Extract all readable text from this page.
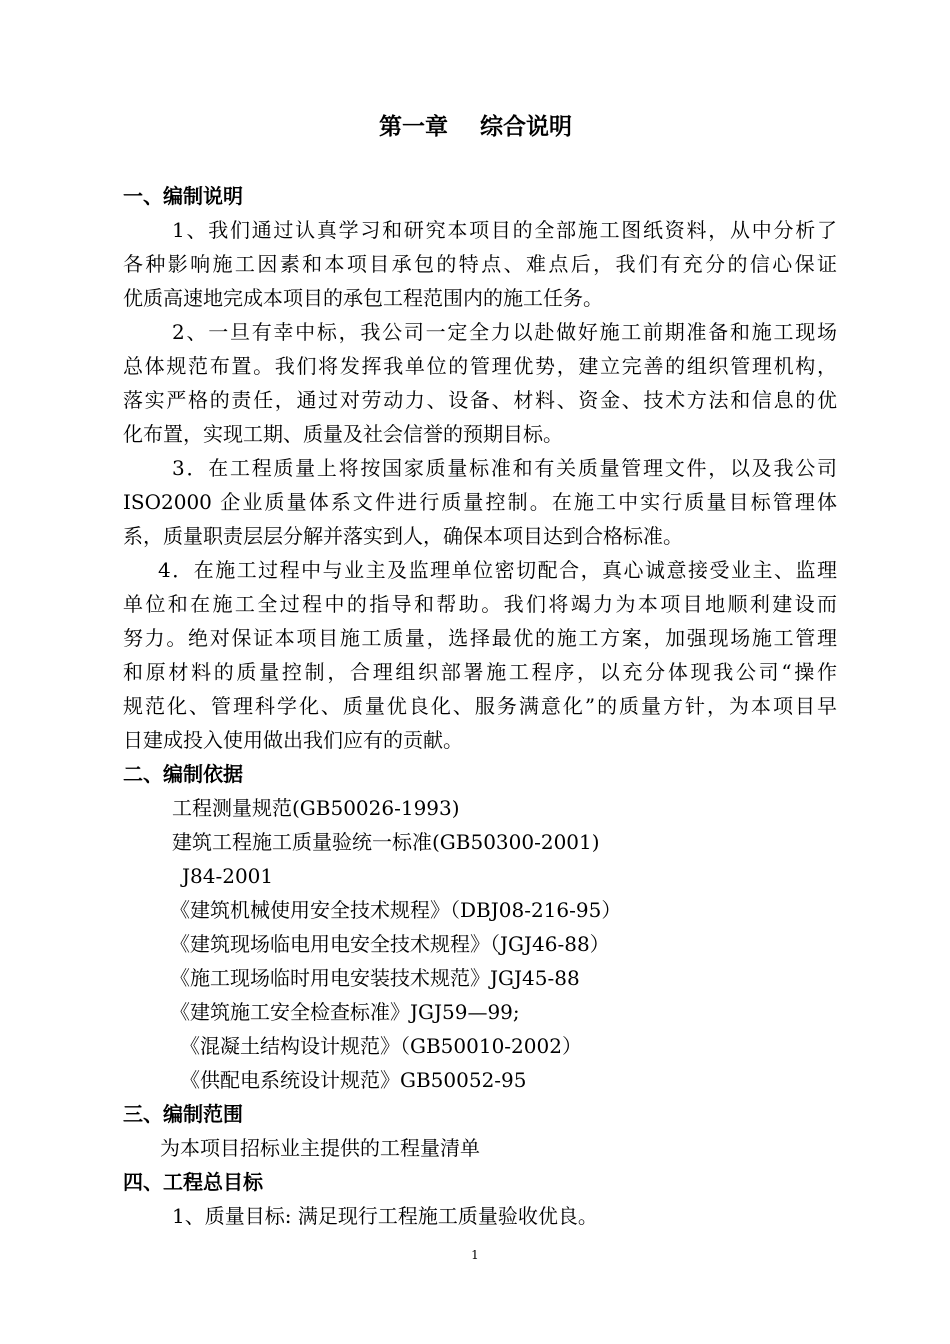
第一章    综合说明
一、编制说明
1、我们通过认真学习和研究本项目的全部施工图纸资料，从中分析了
各种影响施工因素和本项目承包的特点、难点后，我们有充分的信心保证
优质高速地完成本项目的承包工程范围内的施工任务。
2、一旦有幸中标，我公司一定全力以赴做好施工前期准备和施工现场
总体规范布置。我们将发挥我单位的管理优势，建立完善的组织管理机构，
落实严格的责任，通过对劳动力、设备、材料、资金、技术方法和信息的优
化布置，实现工期、质量及社会信誉的预期目标。
3．在工程质量上将按国家质量标准和有关质量管理文件，以及我公司
ISO2000 企业质量体系文件进行质量控制。在施工中实行质量目标管理体
系，质量职责层层分解并落实到人，确保本项目达到合格标准。
4．在施工过程中与业主及监理单位密切配合，真心诚意接受业主、监理
单位和在施工全过程中的指导和帮助。我们将竭力为本项目地顺利建设而
努力。绝对保证本项目施工质量，选择最优的施工方案，加强现场施工管理
和原材料的质量控制，合理组织部署施工程序，以充分体现我公司“操作
规范化、管理科学化、质量优良化、服务满意化”的质量方针，为本项目早
日建成投入使用做出我们应有的贡献。
二、编制依据
工程测量规范(GB50026-1993)
建筑工程施工质量验统一标准(GB50300-2001)
J84-2001
《建筑机械使用安全技术规程》（DBJ08-216-95）
《建筑现场临电用电安全技术规程》（JGJ46-88）
《施工现场临时用电安装技术规范》JGJ45-88
《建筑施工安全检查标准》JGJ59—99;
《混凝土结构设计规范》（GB50010-2002）
《供配电系统设计规范》GB50052-95
三、编制范围
为本项目招标业主提供的工程量清单
四、工程总目标
1、质量目标: 满足现行工程施工质量验收优良。
1
